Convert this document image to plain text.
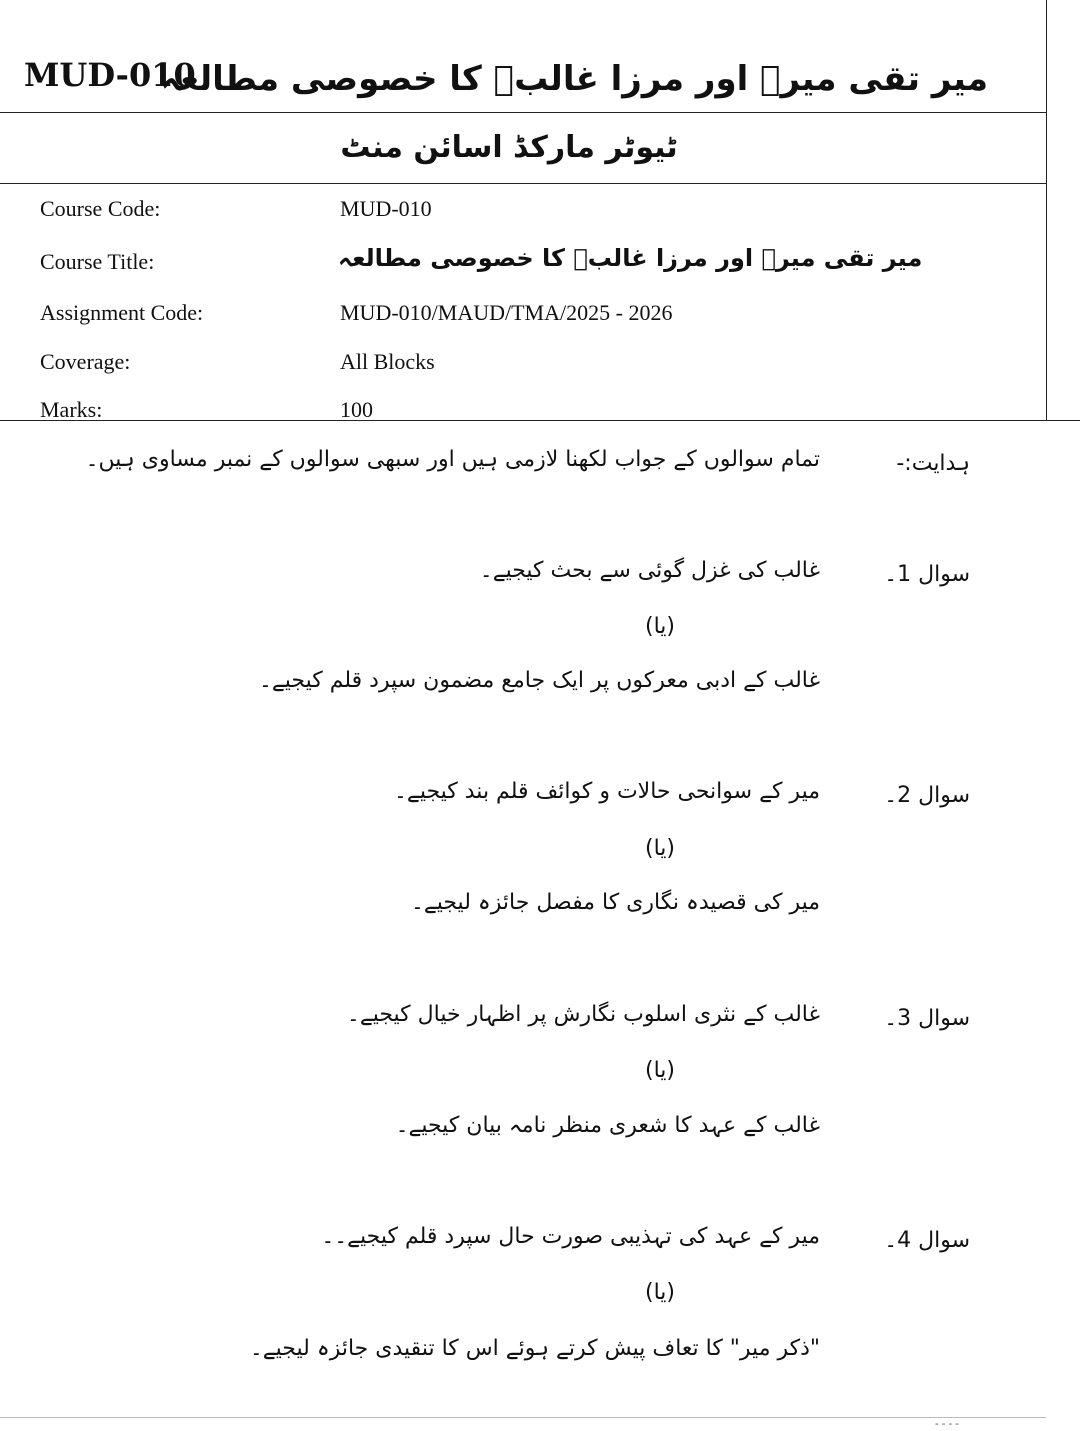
MUD-010
میر تقی میرؔ اور مرزا غالبؔ کا خصوصی مطالعہ
ٹیوٹر مارکڈ اسائن منٹ
Course Code:	MUD-010
Course Title:	میر تقی میرؔ اور مرزا غالبؔ کا خصوصی مطالعہ
Assignment Code:	MUD-010/MAUD/TMA/2025 - 2026
Coverage:	All Blocks
Marks:	100
ہدایت:-
تمام سوالوں کے جواب لکھنا لازمی ہیں اور سبھی سوالوں کے نمبر مساوی ہیں۔
سوال 1۔
غالب کی غزل گوئی سے بحث کیجیے۔
(یا)
غالب کے ادبی معرکوں پر ایک جامع مضمون سپرد قلم کیجیے۔
سوال 2۔
میر کے سوانحی حالات و کوائف قلم بند کیجیے۔
(یا)
میر کی قصیدہ نگاری کا مفصل جائزہ لیجیے۔
سوال 3۔
غالب کے نثری اسلوب نگارش پر اظہار خیال کیجیے۔
(یا)
غالب کے عہد کا شعری منظر نامہ بیان کیجیے۔
سوال 4۔
میر کے عہد کی تہذیبی صورت حال سپرد قلم کیجیے۔۔
(یا)
"ذکر میر" کا تعاف پیش کرتے ہوئے اس کا تنقیدی جائزہ لیجیے۔
- - - -
